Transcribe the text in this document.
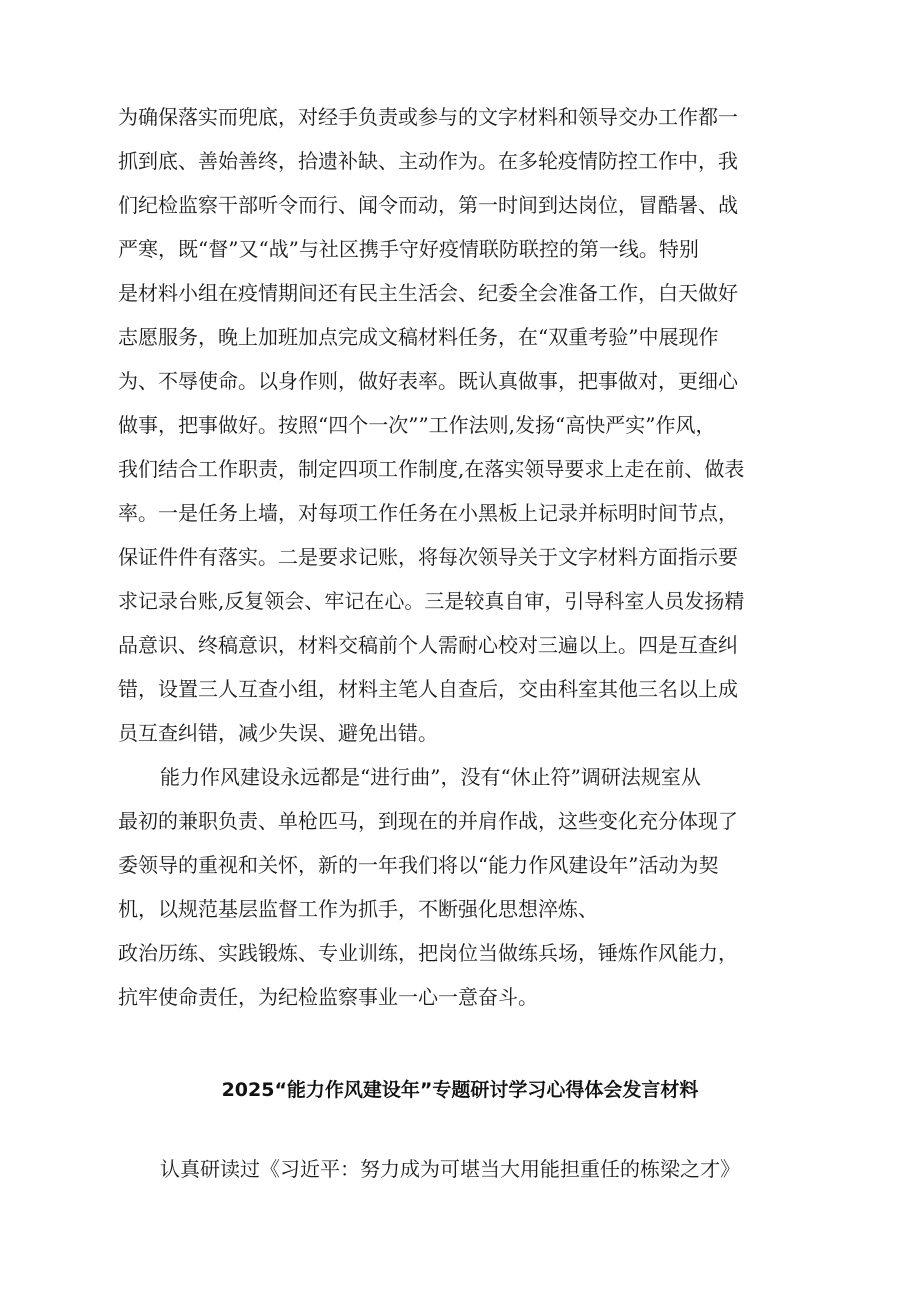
为确保落实而兜底，对经手负责或参与的文字材料和领导交办工作都一
抓到底、善始善终，拾遗补缺、主动作为。在多轮疫情防控工作中，我
们纪检监察干部听令而行、闻令而动，第一时间到达岗位，冒酷暑、战
严寒，既“督”又“战”与社区携手守好疫情联防联控的第一线。特别
是材料小组在疫情期间还有民主生活会、纪委全会准备工作，白天做好
志愿服务，晚上加班加点完成文稿材料任务，在“双重考验”中展现作
为、不辱使命。以身作则，做好表率。既认真做事，把事做对，更细心
做事，把事做好。按照“四个一次””工作法则,发扬“高快严实”作风，
我们结合工作职责，制定四项工作制度,在落实领导要求上走在前、做表
率。一是任务上墙，对每项工作任务在小黑板上记录并标明时间节点，
保证件件有落实。二是要求记账，将每次领导关于文字材料方面指示要
求记录台账,反复领会、牢记在心。三是较真自审，引导科室人员发扬精
品意识、终稿意识，材料交稿前个人需耐心校对三遍以上。四是互查纠
错，设置三人互查小组，材料主笔人自查后，交由科室其他三名以上成
员互查纠错，减少失误、避免出错。
能力作风建设永远都是“进行曲”，没有“休止符”调研法规室从
最初的兼职负责、单枪匹马，到现在的并肩作战，这些变化充分体现了
委领导的重视和关怀，新的一年我们将以“能力作风建设年”活动为契
机，以规范基层监督工作为抓手，不断强化思想淬炼、
政治历练、实践锻炼、专业训练，把岗位当做练兵场，锤炼作风能力，
抗牢使命责任，为纪检监察事业一心一意奋斗。
2025“能力作风建设年”专题研讨学习心得体会发言材料
认真研读过《习近平：努力成为可堪当大用能担重任的栋梁之才》
